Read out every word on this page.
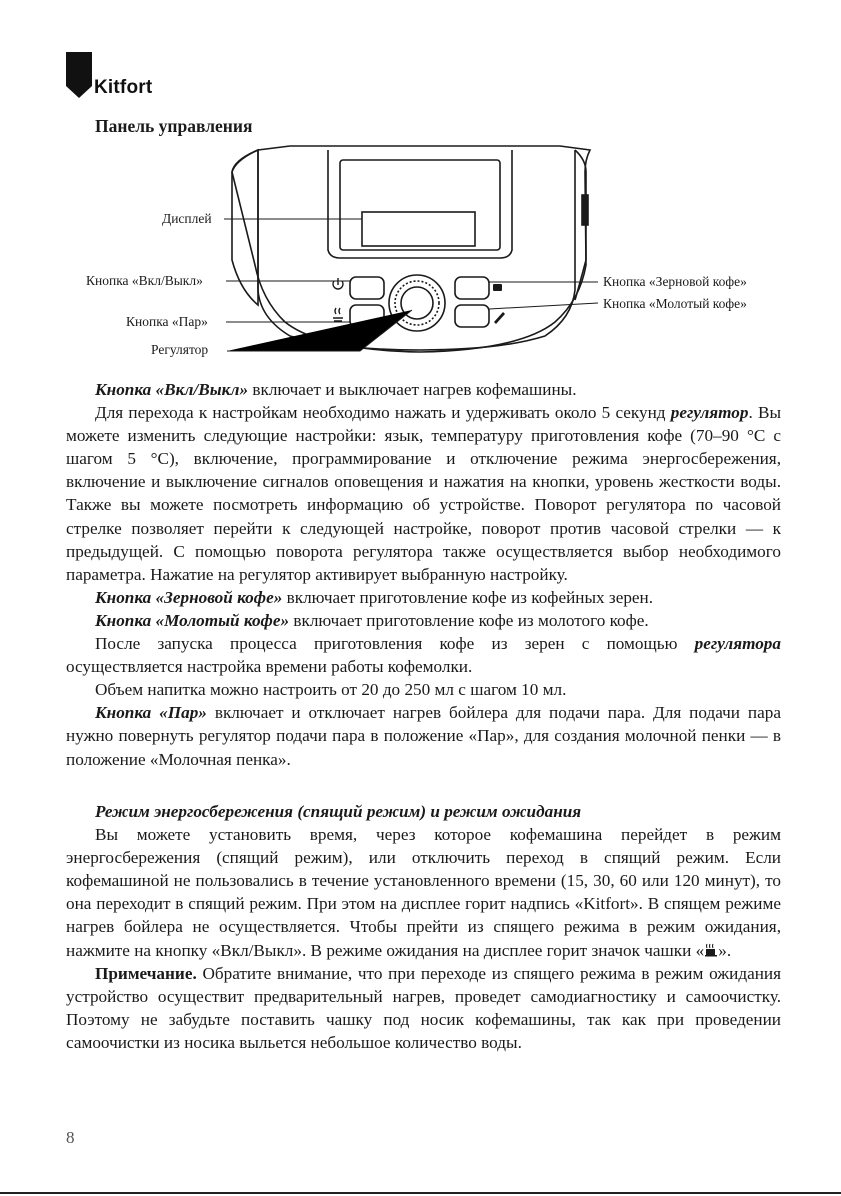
Kitfort
Панель управления
Дисплей
Кнопка «Вкл/Выкл»
Кнопка «Пар»
Регулятор
Кнопка «Зерновой кофе»
Кнопка «Молотый кофе»

Кнопка «Вкл/Выкл» включает и выключает нагрев кофемашины.

Для перехода к настройкам необходимо нажать и удерживать около 5 секунд регулятор. Вы можете изменить следующие настройки: язык, температуру приготовления кофе (70–90 °С с шагом 5 °С), включение, программирование и отключение режима энергосбережения, включение и выключение сигналов оповещения и нажатия на кнопки, уровень жесткости воды. Также вы можете посмотреть информацию об устройстве. Поворот регулятора по часовой стрелке позволяет перейти к следующей настройке, поворот против часовой стрелки — к предыдущей. С помощью поворота регулятора также осуществляется выбор необходимого параметра. Нажатие на регулятор активирует выбранную настройку.

Кнопка «Зерновой кофе» включает приготовление кофе из кофейных зерен.

Кнопка «Молотый кофе» включает приготовление кофе из молотого кофе.

После запуска процесса приготовления кофе из зерен с помощью регулятора осуществляется настройка времени работы кофемолки.

Объем напитка можно настроить от 20 до 250 мл с шагом 10 мл.

Кнопка «Пар» включает и отключает нагрев бойлера для подачи пара. Для подачи пара нужно повернуть регулятор подачи пара в положение «Пар», для создания молочной пенки — в положение «Молочная пенка».

Режим энергосбережения (спящий режим) и режим ожидания

Вы можете установить время, через которое кофемашина перейдет в режим энергосбережения (спящий режим), или отключить переход в спящий режим. Если кофемашиной не пользовались в течение установленного времени (15, 30, 60 или 120 минут), то она переходит в спящий режим. При этом на дисплее горит надпись «Kitfort». В спящем режиме нагрев бойлера не осуществляется. Чтобы прейти из спящего режима в режим ожидания, нажмите на кнопку «Вкл/Выкл». В режиме ожидания на дисплее горит значок чашки « ».

Примечание. Обратите внимание, что при переходе из спящего режима в режим ожидания устройство осуществит предварительный нагрев, проведет самодиагностику и самоочистку. Поэтому не забудьте поставить чашку под носик кофемашины, так как при проведении самоочистки из носика выльется небольшое количество воды.

8
